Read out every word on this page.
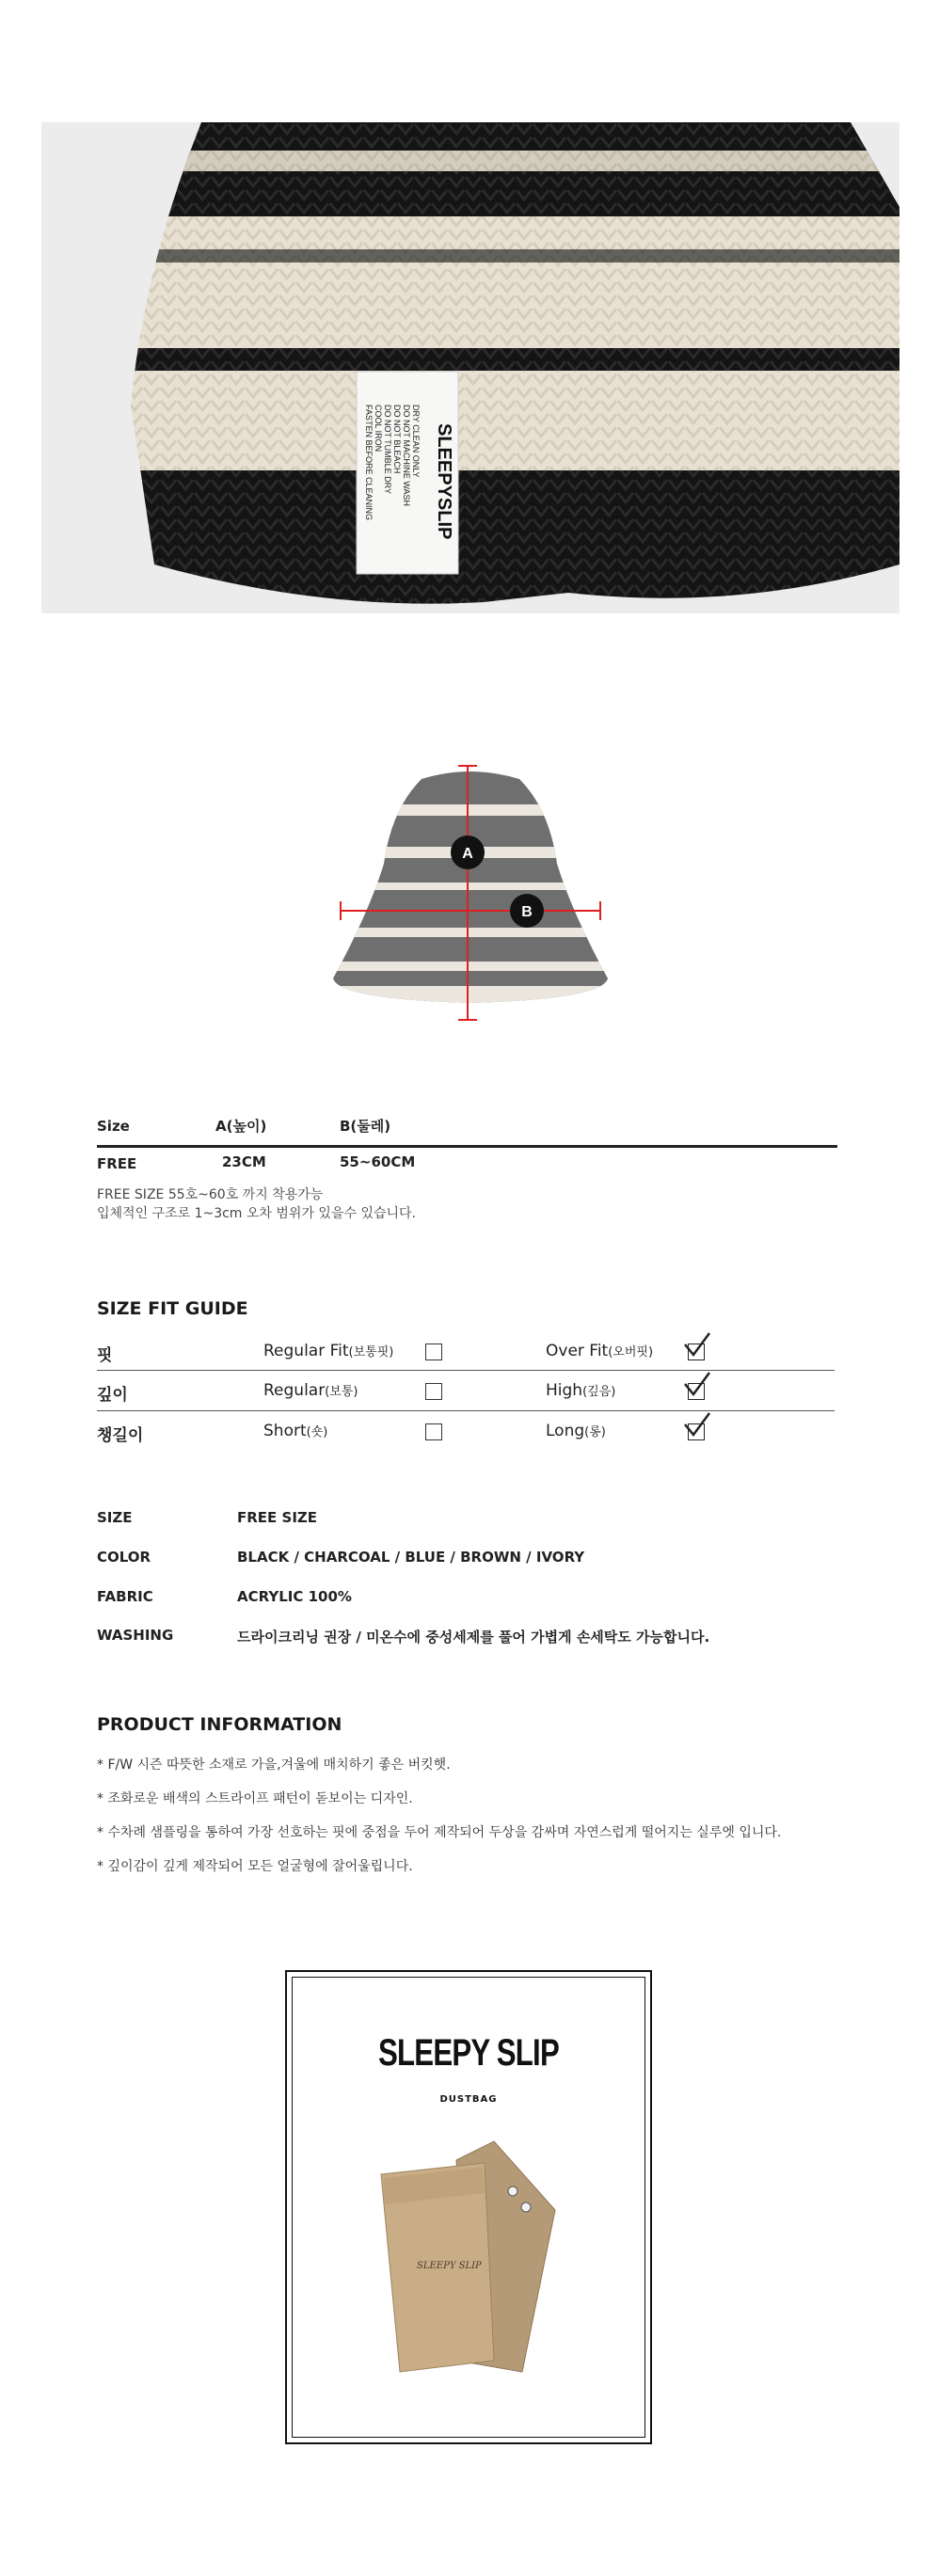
SLEEPYSLIP
DRY CLEAN ONLY
DO NOT MACHINE WASH
DO NOT BLEACH
DO NOT TUMBLE DRY
COOL IRON
FASTEN BEFORE CLEANING
A
B
Size	A(높이)	B(둘레)
FREE	23CM	55~60CM
FREE SIZE 55호~60호 까지 착용가능
입체적인 구조로 1~3cm 오차 범위가 있을수 있습니다.
SIZE FIT GUIDE
핏	Regular Fit(보통핏)	Over Fit(오버핏)
깊이	Regular(보통)	High(깊음)
챙길이	Short(숏)	Long(롱)
SIZE	FREE SIZE
COLOR	BLACK / CHARCOAL / BLUE / BROWN / IVORY
FABRIC	ACRYLIC 100%
WASHING	드라이크리닝 권장 / 미온수에 중성세제를 풀어 가볍게 손세탁도 가능합니다.
PRODUCT INFORMATION
* F/W 시즌 따뜻한 소재로 가을,겨울에 매치하기 좋은 버킷햇.
* 조화로운 배색의 스트라이프 패턴이 돋보이는 디자인.
* 수차례 샘플링을 통하여 가장 선호하는 핏에 중점을 두어 제작되어 두상을 감싸며 자연스럽게 떨어지는 실루엣 입니다.
* 깊이감이 깊게 제작되어 모든 얼굴형에 잘어울립니다.
SLEEPY SLIP
DUSTBAG
SLEEPY SLIP
